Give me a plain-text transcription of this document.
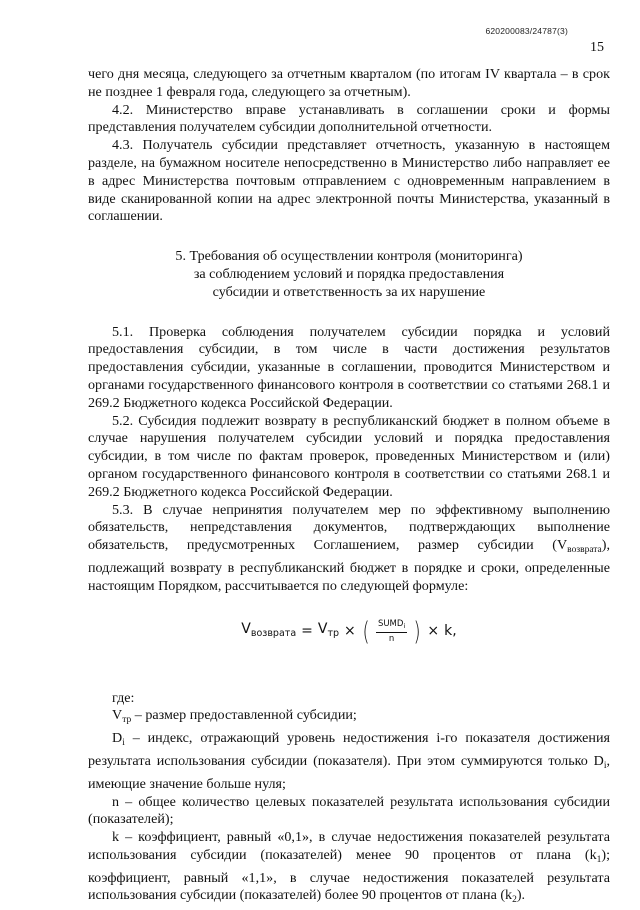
620200083/24787(3)
15

чего дня месяца, следующего за отчетным кварталом (по итогам IV квартала – в срок не позднее 1 февраля года, следующего за отчетным).

4.2. Министерство вправе устанавливать в соглашении сроки и формы представления получателем субсидии дополнительной отчетности.

4.3. Получатель субсидии представляет отчетность, указанную в настоящем разделе, на бумажном носителе непосредственно в Министерство либо направляет ее в адрес Министерства почтовым отправлением с одновременным направлением в виде сканированной копии на адрес электронной почты Министерства, указанный в соглашении.

5. Требования об осуществлении контроля (мониторинга)
за соблюдением условий и порядка предоставления
субсидии и ответственность за их нарушение

5.1. Проверка соблюдения получателем субсидии порядка и условий предоставления субсидии, в том числе в части достижения результатов предоставления субсидии, указанные в соглашении, проводится Министерством и органами государственного финансового контроля в соответствии со статьями 268.1 и 269.2 Бюджетного кодекса Российской Федерации.

5.2. Субсидия подлежит возврату в республиканский бюджет в полном объеме в случае нарушения получателем субсидии условий и порядка предоставления субсидии, в том числе по фактам проверок, проведенных Министерством и (или) органом государственного финансового контроля в соответствии со статьями 268.1 и 269.2 Бюджетного кодекса Российской Федерации.

5.3. В случае непринятия получателем мер по эффективному выполнению обязательств, непредставления документов, подтверждающих выполнение обязательств, предусмотренных Соглашением, размер субсидии $(V_{возврата})$, подлежащий возврату в республиканский бюджет в порядке и сроки, определенные настоящим Порядком, рассчитывается по следующей формуле:

$V_{возврата} = V_{тр}$ × ( $\frac{SUMD_i}{n}$ ) × k,

где:

$V_{тр}$ – размер предоставленной субсидии;

$D_i$ – индекс, отражающий уровень недостижения i-го показателя достижения результата использования субсидии (показателя). При этом суммируются только $D_i$, имеющие значение больше нуля;

n – общее количество целевых показателей результата использования субсидии (показателей);

k – коэффициент, равный «0,1», в случае недостижения показателей результата использования субсидии (показателей) менее 90 процентов от плана $(k_1)$; коэффициент, равный «1,1», в случае недостижения показателей результата использования субсидии (показателей) более 90 процентов от плана $(k_2)$.
